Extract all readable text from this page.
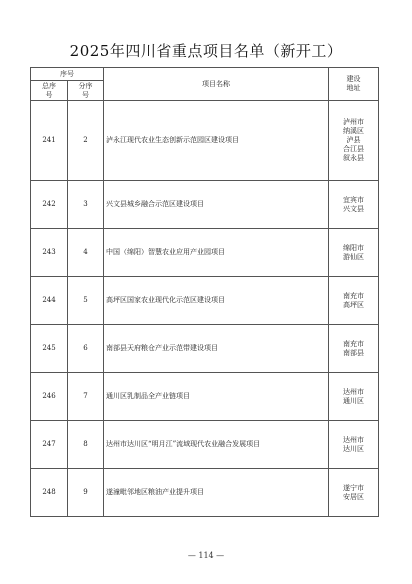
2025年四川省重点项目名单（新开工）
序号		项目名称	建设地址
总序号	分序号		
241	2	泸永江现代农业生态创新示范园区建设项目	泸州市
纳溪区
泸县
合江县
叙永县

242	3	兴文县城乡融合示范区建设项目	宜宾市
兴文县

243	4	中国（绵阳）智慧农业应用产业园项目	绵阳市
游仙区

244	5	高坪区国家农业现代化示范区建设项目	南充市
高坪区

245	6	南部县天府粮仓产业示范带建设项目	南充市
南部县

246	7	通川区乳制品全产业链项目	达州市
通川区

247	8	达州市达川区“明月江”流域现代农业融合发展项目	达州市
达川区

248	9	遂潼毗邻地区粮油产业提升项目	遂宁市
安居区
— 114 —
